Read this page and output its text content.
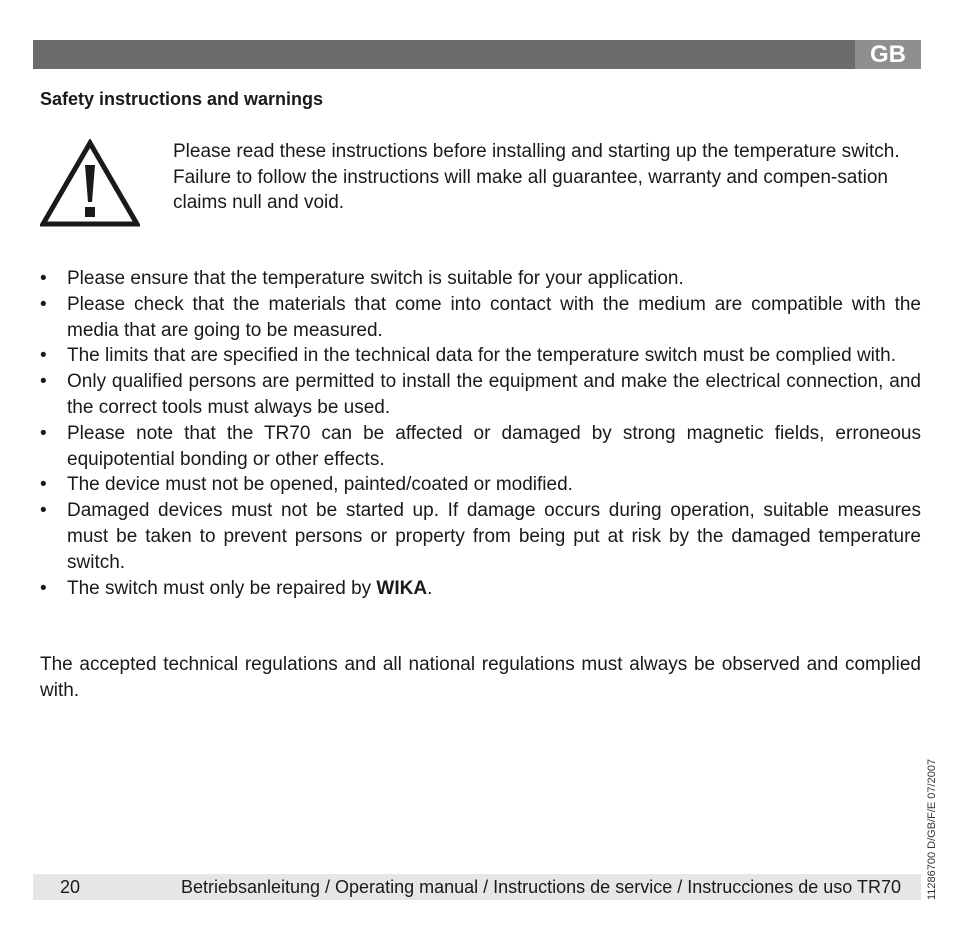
GB
Safety instructions and warnings

Please read these instructions before installing and starting up the temperature switch.

Failure to follow the instructions will make all guarantee, warranty and compen-sation claims null and void.

•	Please ensure that the temperature switch is suitable for your application.
•	Please check that the materials that come into contact with the medium are compatible with the media that are going to be measured.
•	The limits that are specified in the technical data for the temperature switch must be complied with.
•	Only qualified persons are permitted to install the equipment and make the electrical connection, and the correct tools must always be used.
•	Please note that the TR70 can be affected or damaged by strong magnetic fields, erroneous equipotential bonding or other effects.
•	The device must not be opened, painted/coated or modified.
•	Damaged devices must not be started up. If damage occurs during operation, suitable measures must be taken to prevent persons or property from being put at risk by the damaged temperature switch.
•	The switch must only be repaired by WIKA.
The accepted technical regulations and all national regulations must always be observed and complied with.
20	Betriebsanleitung / Operating manual / Instructions de service / Instrucciones de uso TR70 11286700 D/GB/F/E 07/2007
